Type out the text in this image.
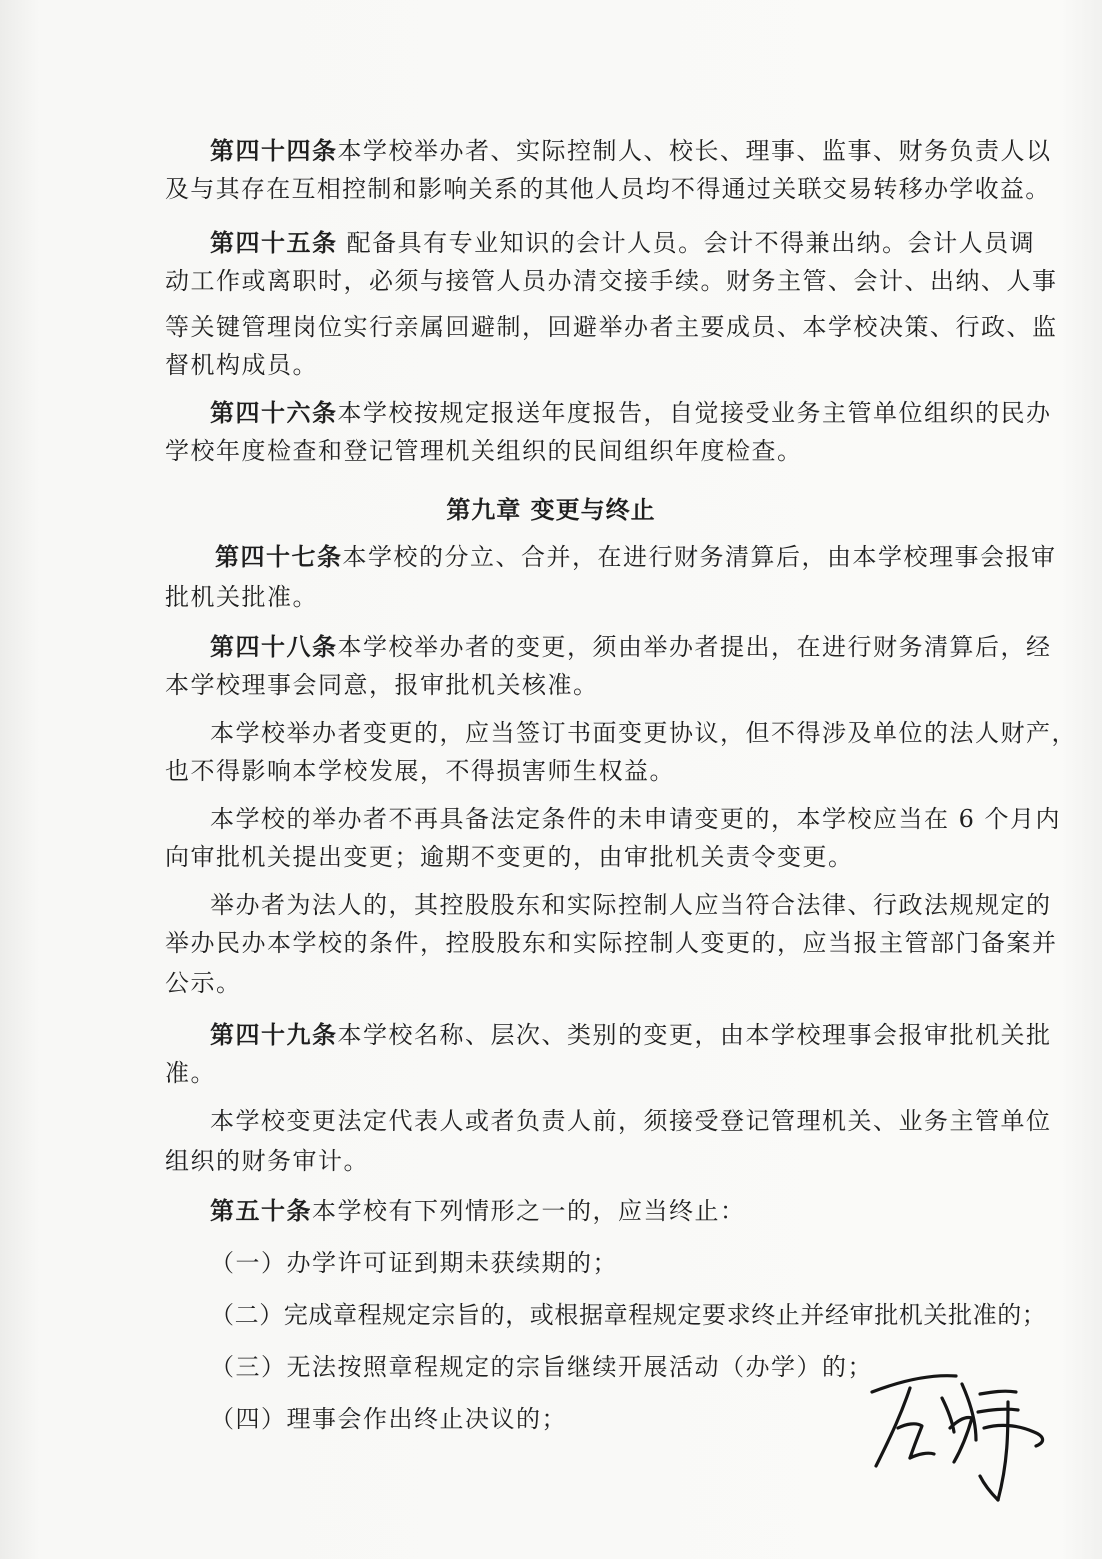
第四十四条本学校举办者、实际控制人、校长、理事、监事、财务负责人以
及与其存在互相控制和影响关系的其他人员均不得通过关联交易转移办学收益。
第四十五条 配备具有专业知识的会计人员。会计不得兼出纳。会计人员调
动工作或离职时，必须与接管人员办清交接手续。财务主管、会计、出纳、人事
等关键管理岗位实行亲属回避制，回避举办者主要成员、本学校决策、行政、监
督机构成员。
第四十六条本学校按规定报送年度报告，自觉接受业务主管单位组织的民办
学校年度检查和登记管理机关组织的民间组织年度检查。
第九章 变更与终止
第四十七条本学校的分立、合并，在进行财务清算后，由本学校理事会报审
批机关批准。
第四十八条本学校举办者的变更，须由举办者提出，在进行财务清算后，经
本学校理事会同意，报审批机关核准。
本学校举办者变更的，应当签订书面变更协议，但不得涉及单位的法人财产，
也不得影响本学校发展，不得损害师生权益。
本学校的举办者不再具备法定条件的未申请变更的，本学校应当在 6 个月内
向审批机关提出变更；逾期不变更的，由审批机关责令变更。
举办者为法人的，其控股股东和实际控制人应当符合法律、行政法规规定的
举办民办本学校的条件，控股股东和实际控制人变更的，应当报主管部门备案并
公示。
第四十九条本学校名称、层次、类别的变更，由本学校理事会报审批机关批
准。
本学校变更法定代表人或者负责人前，须接受登记管理机关、业务主管单位
组织的财务审计。
第五十条本学校有下列情形之一的，应当终止：
（一）办学许可证到期未获续期的；
（二）完成章程规定宗旨的，或根据章程规定要求终止并经审批机关批准的；
（三）无法按照章程规定的宗旨继续开展活动（办学）的；
（四）理事会作出终止决议的；
